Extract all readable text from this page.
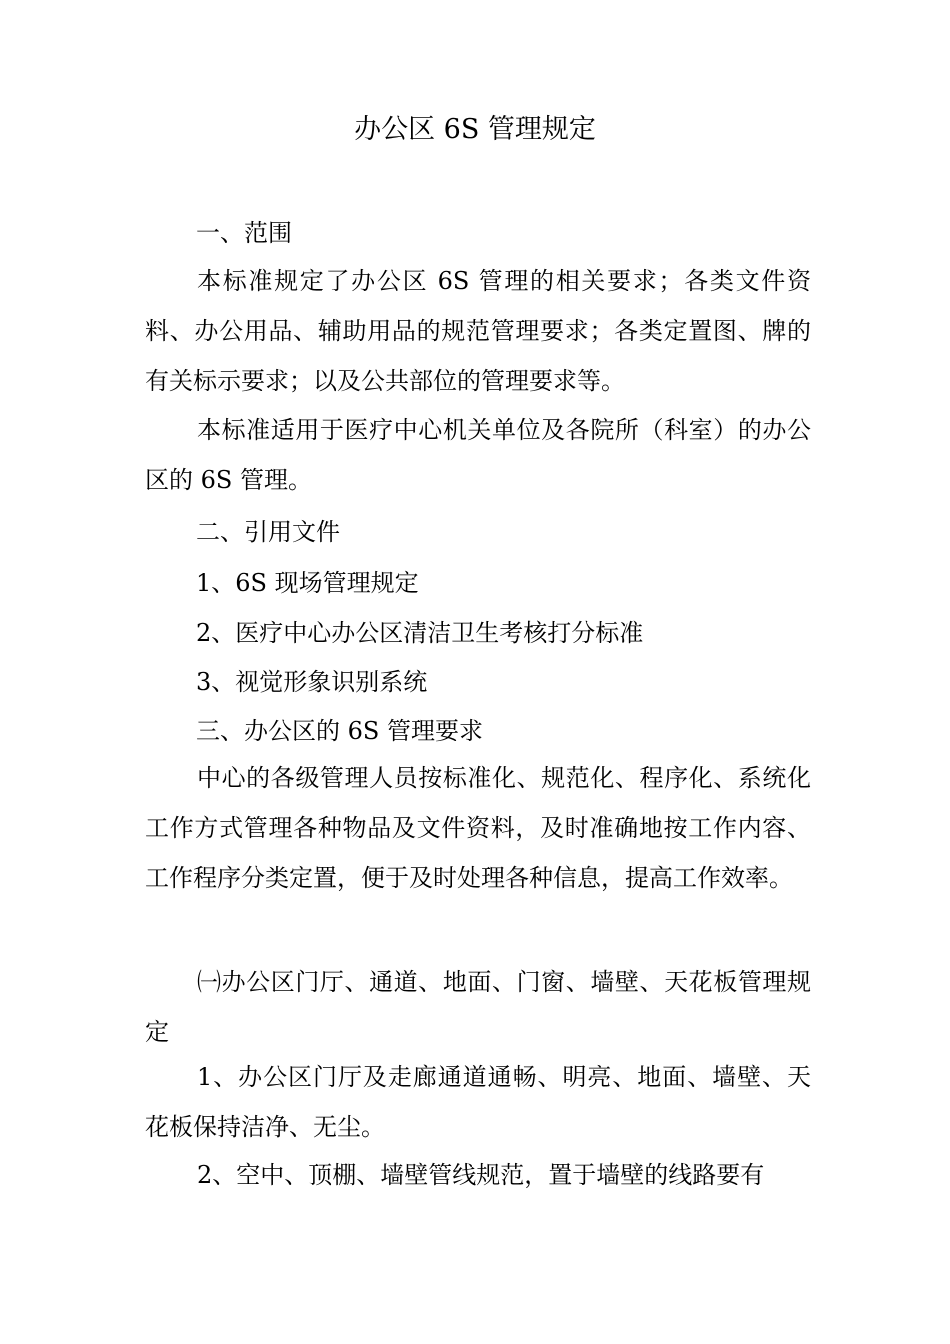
办公区 6S 管理规定

一、范围

本标准规定了办公区 6S 管理的相关要求；各类文件资料、办公用品、辅助用品的规范管理要求；各类定置图、牌的有关标示要求；以及公共部位的管理要求等。

本标准适用于医疗中心机关单位及各院所（科室）的办公区的 6S 管理。

二、引用文件

1、6S 现场管理规定

2、医疗中心办公区清洁卫生考核打分标准

3、视觉形象识别系统

三、办公区的 6S 管理要求

中心的各级管理人员按标准化、规范化、程序化、系统化工作方式管理各种物品及文件资料，及时准确地按工作内容、工作程序分类定置，便于及时处理各种信息，提高工作效率。

㈠办公区门厅、通道、地面、门窗、墙壁、天花板管理规定

1、办公区门厅及走廊通道通畅、明亮、地面、墙壁、天花板保持洁净、无尘。

2、空中、顶棚、墙壁管线规范，置于墙壁的线路要有
